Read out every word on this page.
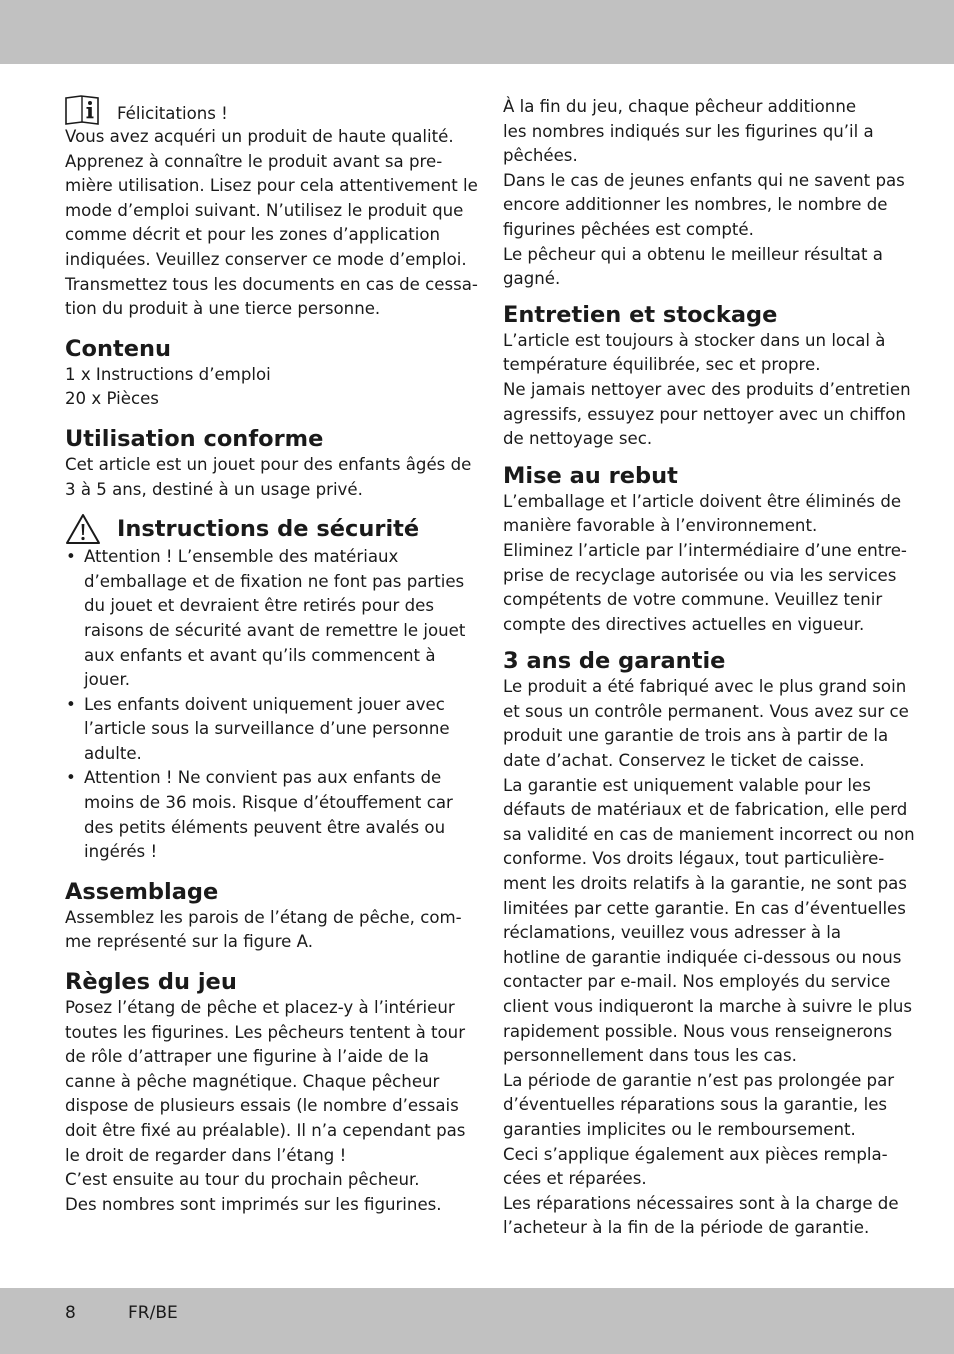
Félicitations !

Vous avez acquéri un produit de haute qualité.
Apprenez à connaître le produit avant sa pre-
mière utilisation. Lisez pour cela attentivement le
mode d’emploi suivant. N’utilisez le produit que
comme décrit et pour les zones d’application
indiquées. Veuillez conserver ce mode d’emploi.
Transmettez tous les documents en cas de cessa-
tion du produit à une tierce personne.
Contenu
1 x Instructions d’emploi
20 x Pièces
Utilisation conforme
Cet article est un jouet pour des enfants âgés de
3 à 5 ans, destiné à un usage privé.
Instructions de sécurité
• Attention ! L’ensemble des matériaux
d’emballage et de fixation ne font pas parties
du jouet et devraient être retirés pour des
raisons de sécurité avant de remettre le jouet
aux enfants et avant qu’ils commencent à
jouer.
• Les enfants doivent uniquement jouer avec
l’article sous la surveillance d’une personne
adulte.
• Attention ! Ne convient pas aux enfants de
moins de 36 mois. Risque d’étouffement car
des petits éléments peuvent être avalés ou
ingérés !
Assemblage
Assemblez les parois de l’étang de pêche, com-
me représenté sur la figure A.
Règles du jeu
Posez l’étang de pêche et placez-y à l’intérieur
toutes les figurines. Les pêcheurs tentent à tour
de rôle d’attraper une figurine à l’aide de la
canne à pêche magnétique. Chaque pêcheur
dispose de plusieurs essais (le nombre d’essais
doit être fixé au préalable). Il n’a cependant pas
le droit de regarder dans l’étang !
C’est ensuite au tour du prochain pêcheur.
Des nombres sont imprimés sur les figurines.
À la fin du jeu, chaque pêcheur additionne
les nombres indiqués sur les figurines qu’il a
pêchées.
Dans le cas de jeunes enfants qui ne savent pas
encore additionner les nombres, le nombre de
figurines pêchées est compté.
Le pêcheur qui a obtenu le meilleur résultat a
gagné.
Entretien et stockage
L’article est toujours à stocker dans un local à
température équilibrée, sec et propre.
Ne jamais nettoyer avec des produits d’entretien
agressifs, essuyez pour nettoyer avec un chiffon
de nettoyage sec.
Mise au rebut
L’emballage et l’article doivent être éliminés de
manière favorable à l’environnement.
Eliminez l’article par l’intermédiaire d’une entre-
prise de recyclage autorisée ou via les services
compétents de votre commune. Veuillez tenir
compte des directives actuelles en vigueur.
3 ans de garantie
Le produit a été fabriqué avec le plus grand soin
et sous un contrôle permanent. Vous avez sur ce
produit une garantie de trois ans à partir de la
date d’achat. Conservez le ticket de caisse.
La garantie est uniquement valable pour les
défauts de matériaux et de fabrication, elle perd
sa validité en cas de maniement incorrect ou non
conforme. Vos droits légaux, tout particulière-
ment les droits relatifs à la garantie, ne sont pas
limitées par cette garantie. En cas d’éventuelles
réclamations, veuillez vous adresser à la
hotline de garantie indiquée ci-dessous ou nous
contacter par e-mail. Nos employés du service
client vous indiqueront la marche à suivre le plus
rapidement possible. Nous vous renseignerons
personnellement dans tous les cas.
La période de garantie n’est pas prolongée par
d’éventuelles réparations sous la garantie, les
garanties implicites ou le remboursement.
Ceci s’applique également aux pièces rempla-
cées et réparées.
Les réparations nécessaires sont à la charge de
l’acheteur à la fin de la période de garantie.
8	FR/BE
